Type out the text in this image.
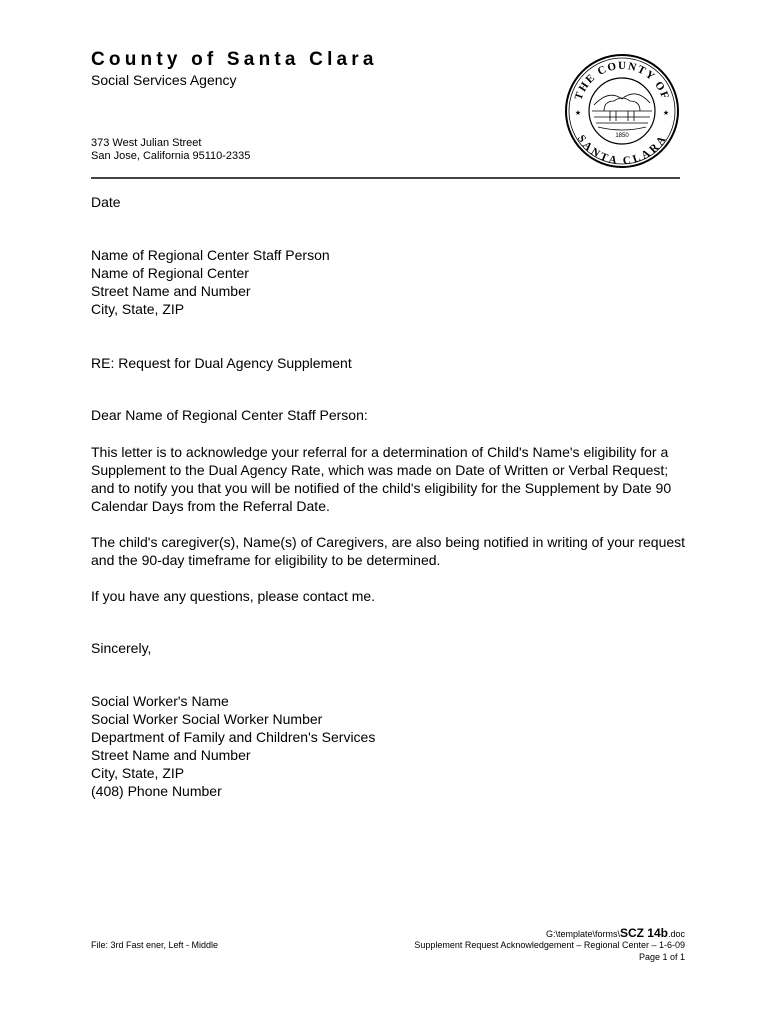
County of Santa Clara
Social Services Agency
373 West Julian Street
San Jose, California 95110-2335
THE COUNTY OF
SANTA CLARA
★	★
1850
Date
Name of Regional Center Staff Person
Name of Regional Center
Street Name and Number
City, State, ZIP
RE: Request for Dual Agency Supplement
Dear Name of Regional Center Staff Person:
This letter is to acknowledge your referral for a determination of Child's Name's eligibility for a Supplement to the Dual Agency Rate, which was made on Date of Written or Verbal Request; and to notify you that you will be notified of the child's eligibility for the Supplement by Date 90 Calendar Days from the Referral Date.
The child's caregiver(s), Name(s) of Caregivers, are also being notified in writing of your request and the 90-day timeframe for eligibility to be determined.
If you have any questions, please contact me.
Sincerely,
Social Worker's Name
Social Worker Social Worker Number
Department of Family and Children's Services
Street Name and Number
City, State, ZIP
(408) Phone Number
File: 3rd Fast ener, Left - Middle
G:\template\forms\SCZ 14b.doc
Supplement Request Acknowledgement – Regional Center – 1-6-09
Page 1 of 1
